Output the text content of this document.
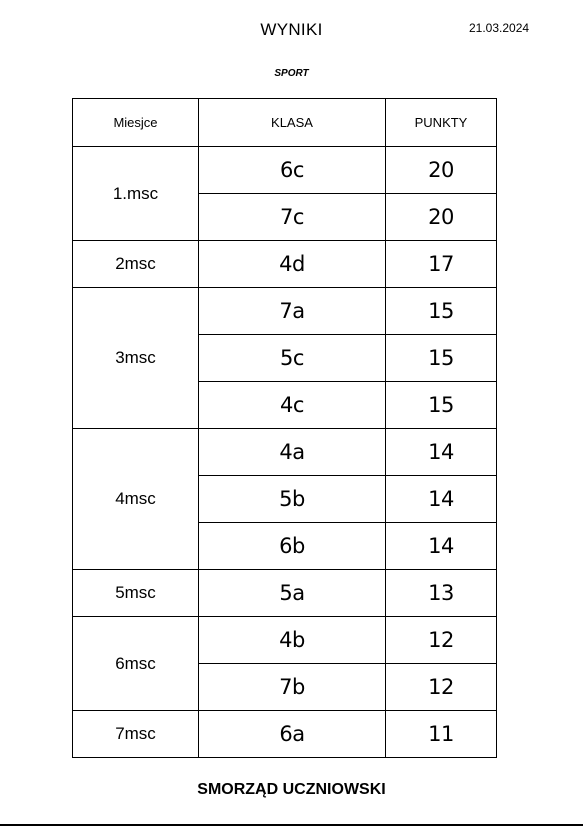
WYNIKI	21.03.2024
SPORT
Miesjce	KLASA	PUNKTY
1.msc	6c	20
	7c	20
2msc	4d	17
3msc	7a	15
	5c	15
	4c	15
4msc	4a	14
	5b	14
	6b	14
5msc	5a	13
6msc	4b	12
	7b	12
7msc	6a	11
SMORZĄD UCZNIOWSKI
